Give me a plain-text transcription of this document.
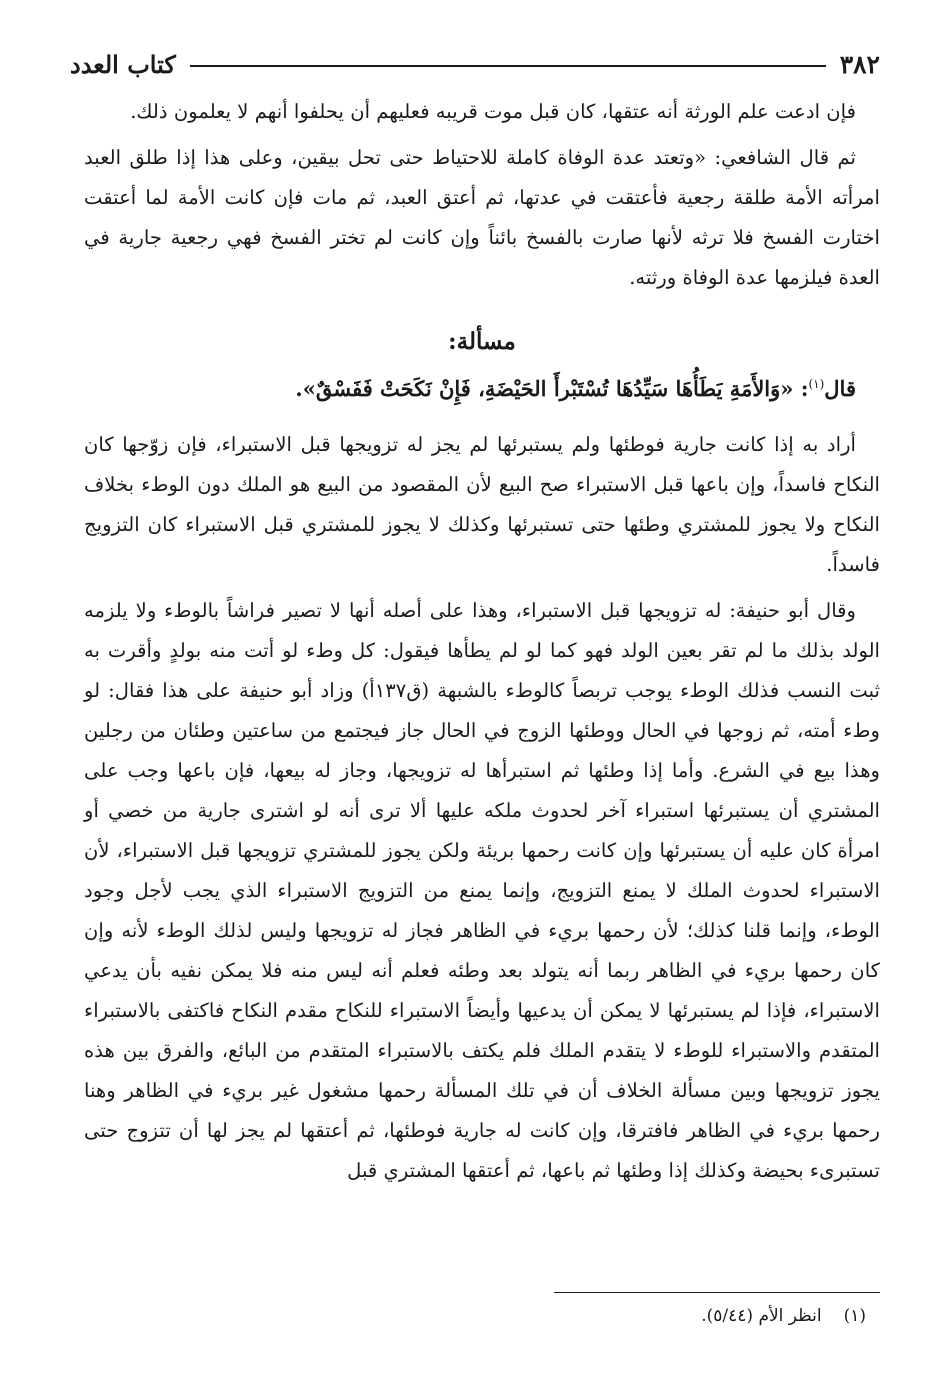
٣٨٢
كتاب العدد

فإن ادعت علم الورثة أنه عتقها، كان قبل موت قريبه فعليهم أن يحلفوا أنهم لا يعلمون ذلك.

ثم قال الشافعي: «وتعتد عدة الوفاة كاملة للاحتياط حتى تحل بيقين، وعلى هذا إذا طلق العبد امرأته الأمة طلقة رجعية فأعتقت في عدتها، ثم أعتق العبد، ثم مات فإن كانت الأمة لما أعتقت اختارت الفسخ فلا ترثه لأنها صارت بالفسخ بائناً وإن كانت لم تختر الفسخ فهي رجعية جارية في العدة فيلزمها عدة الوفاة ورثته.

مسألة:

قال$^{(١)}$: «وَالأَمَةِ يَطَأُهَا سَيِّدُهَا تُسْتَبْرأَ الحَيْضَةِ، فَإِنْ نَكَحَتْ فَفَسْقٌ».

أراد به إذا كانت جارية فوطئها ولم يستبرئها لم يجز له تزويجها قبل الاستبراء، فإن زوّجها كان النكاح فاسداً، وإن باعها قبل الاستبراء صح البيع لأن المقصود من البيع هو الملك دون الوطء بخلاف النكاح ولا يجوز للمشتري وطئها حتى تستبرئها وكذلك لا يجوز للمشتري قبل الاستبراء كان التزويج فاسداً.

وقال أبو حنيفة: له تزويجها قبل الاستبراء، وهذا على أصله أنها لا تصير فراشاً بالوطء ولا يلزمه الولد بذلك ما لم تقر بعين الولد فهو كما لو لم يطأها فيقول: كل وطء لو أتت منه بولدٍ وأقرت به ثبت النسب فذلك الوطء يوجب تربصاً كالوطء بالشبهة (ق١٣٧أ) وزاد أبو حنيفة على هذا فقال: لو وطء أمته، ثم زوجها في الحال ووطئها الزوج في الحال جاز فيجتمع من ساعتين وطئان من رجلين وهذا بيع في الشرع. وأما إذا وطئها ثم استبرأها له تزويجها، وجاز له بيعها، فإن باعها وجب على المشتري أن يستبرئها استبراء آخر لحدوث ملكه عليها ألا ترى أنه لو اشترى جارية من خصي أو امرأة كان عليه أن يستبرئها وإن كانت رحمها بريئة ولكن يجوز للمشتري تزويجها قبل الاستبراء، لأن الاستبراء لحدوث الملك لا يمنع التزويج، وإنما يمنع من التزويج الاستبراء الذي يجب لأجل وجود الوطء، وإنما قلنا كذلك؛ لأن رحمها بريء في الظاهر فجاز له تزويجها وليس لذلك الوطء لأنه وإن كان رحمها بريء في الظاهر ربما أنه يتولد بعد وطئه فعلم أنه ليس منه فلا يمكن نفيه بأن يدعي الاستبراء، فإذا لم يستبرئها لا يمكن أن يدعيها وأيضاً الاستبراء للنكاح مقدم النكاح فاكتفى بالاستبراء المتقدم والاستبراء للوطء لا يتقدم الملك فلم يكتف بالاستبراء المتقدم من البائع، والفرق بين هذه يجوز تزويجها وبين مسألة الخلاف أن في تلك المسألة رحمها مشغول غير بريء في الظاهر وهنا رحمها بريء في الظاهر فافترقا، وإن كانت له جارية فوطئها، ثم أعتقها لم يجز لها أن تتزوج حتى تستبرىء بحيضة وكذلك إذا وطئها ثم باعها، ثم أعتقها المشتري قبل

(١)انظر الأم (٥/٤٤).
